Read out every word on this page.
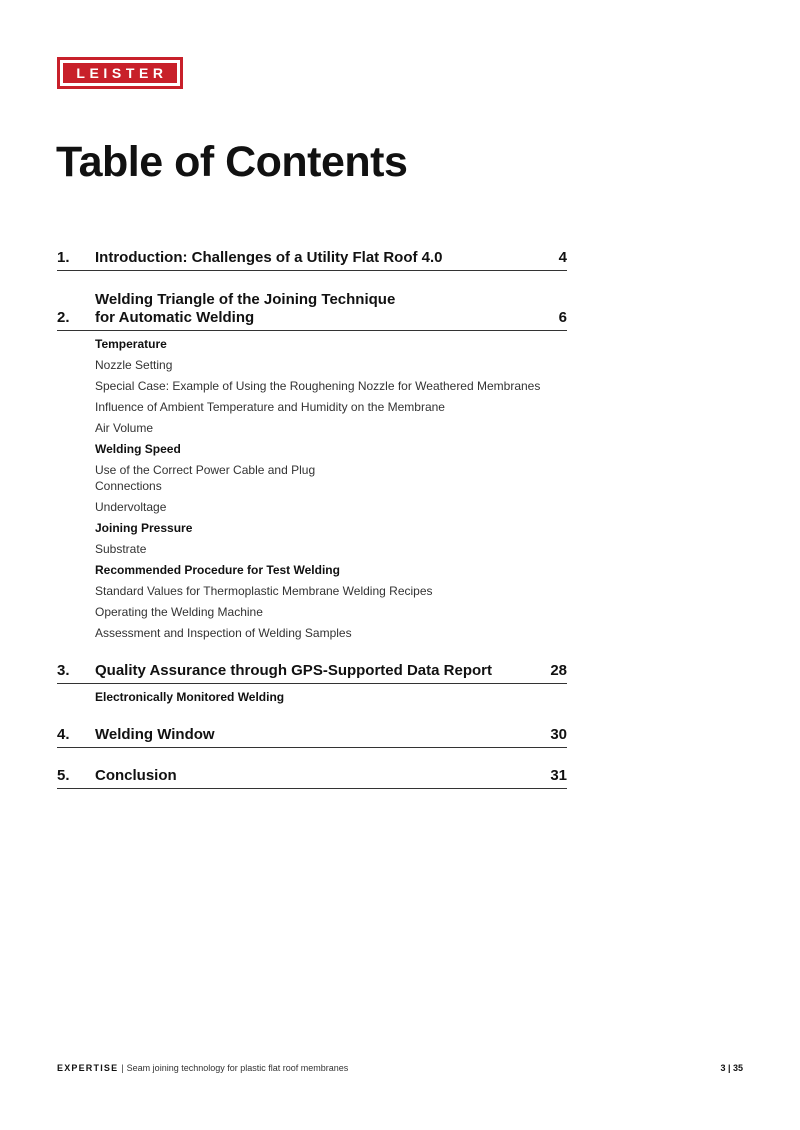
LEISTER
Table of Contents
1. Introduction: Challenges of a Utility Flat Roof 4.0	4
2.
Welding Triangle of the Joining Technique
for Automatic Welding	6
Temperature
Nozzle Setting
Special Case: Example of Using the Roughening Nozzle for Weathered Membranes
Influence of Ambient Temperature and Humidity on the Membrane
Air Volume
Welding Speed
Use of the Correct Power Cable and Plug
Connections
Undervoltage
Joining Pressure
Substrate
Recommended Procedure for Test Welding
Standard Values for Thermoplastic Membrane Welding Recipes
Operating the Welding Machine
Assessment and Inspection of Welding Samples
3. Quality Assurance through GPS-Supported Data Report	28
Electronically Monitored Welding
4. Welding Window	30
5. Conclusion	31
EXPERTISE | Seam joining technology for plastic flat roof membranes	3 | 35
